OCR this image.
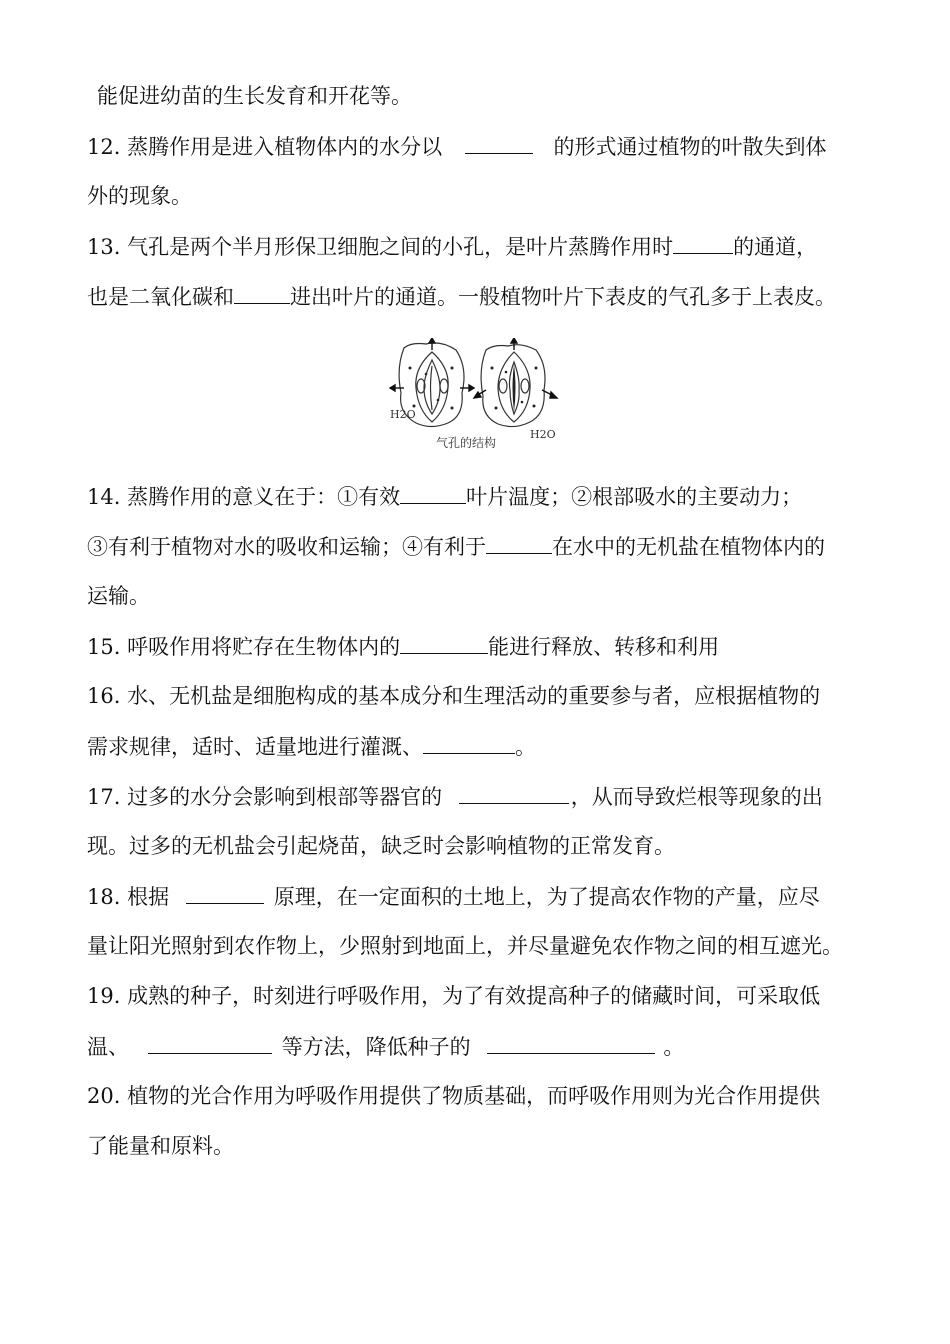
能促进幼苗的生长发育和开花等。
12. 蒸腾作用是进入植物体内的水分以	的形式通过植物的叶散失到体
外的现象。
13. 气孔是两个半月形保卫细胞之间的小孔，是叶片蒸腾作用时	的通道，
也是二氧化碳和	进出叶片的通道。一般植物叶片下表皮的气孔多于上表皮。
H2O
H2O
气孔的结构
14. 蒸腾作用的意义在于：①有效	叶片温度；②根部吸水的主要动力；
③有利于植物对水的吸收和运输；④有利于	在水中的无机盐在植物体内的
运输。
15. 呼吸作用将贮存在生物体内的	能进行释放、转移和利用
16. 水、无机盐是细胞构成的基本成分和生理活动的重要参与者，应根据植物的
需求规律，适时、适量地进行灌溉、	。
17. 过多的水分会影响到根部等器官的	，从而导致烂根等现象的出
现。过多的无机盐会引起烧苗，缺乏时会影响植物的正常发育。
18. 根据	原理，在一定面积的土地上，为了提高农作物的产量，应尽
量让阳光照射到农作物上，少照射到地面上，并尽量避免农作物之间的相互遮光。
19. 成熟的种子，时刻进行呼吸作用，为了有效提高种子的储藏时间，可采取低
温、	等方法，降低种子的	。
20. 植物的光合作用为呼吸作用提供了物质基础，而呼吸作用则为光合作用提供
了能量和原料。
